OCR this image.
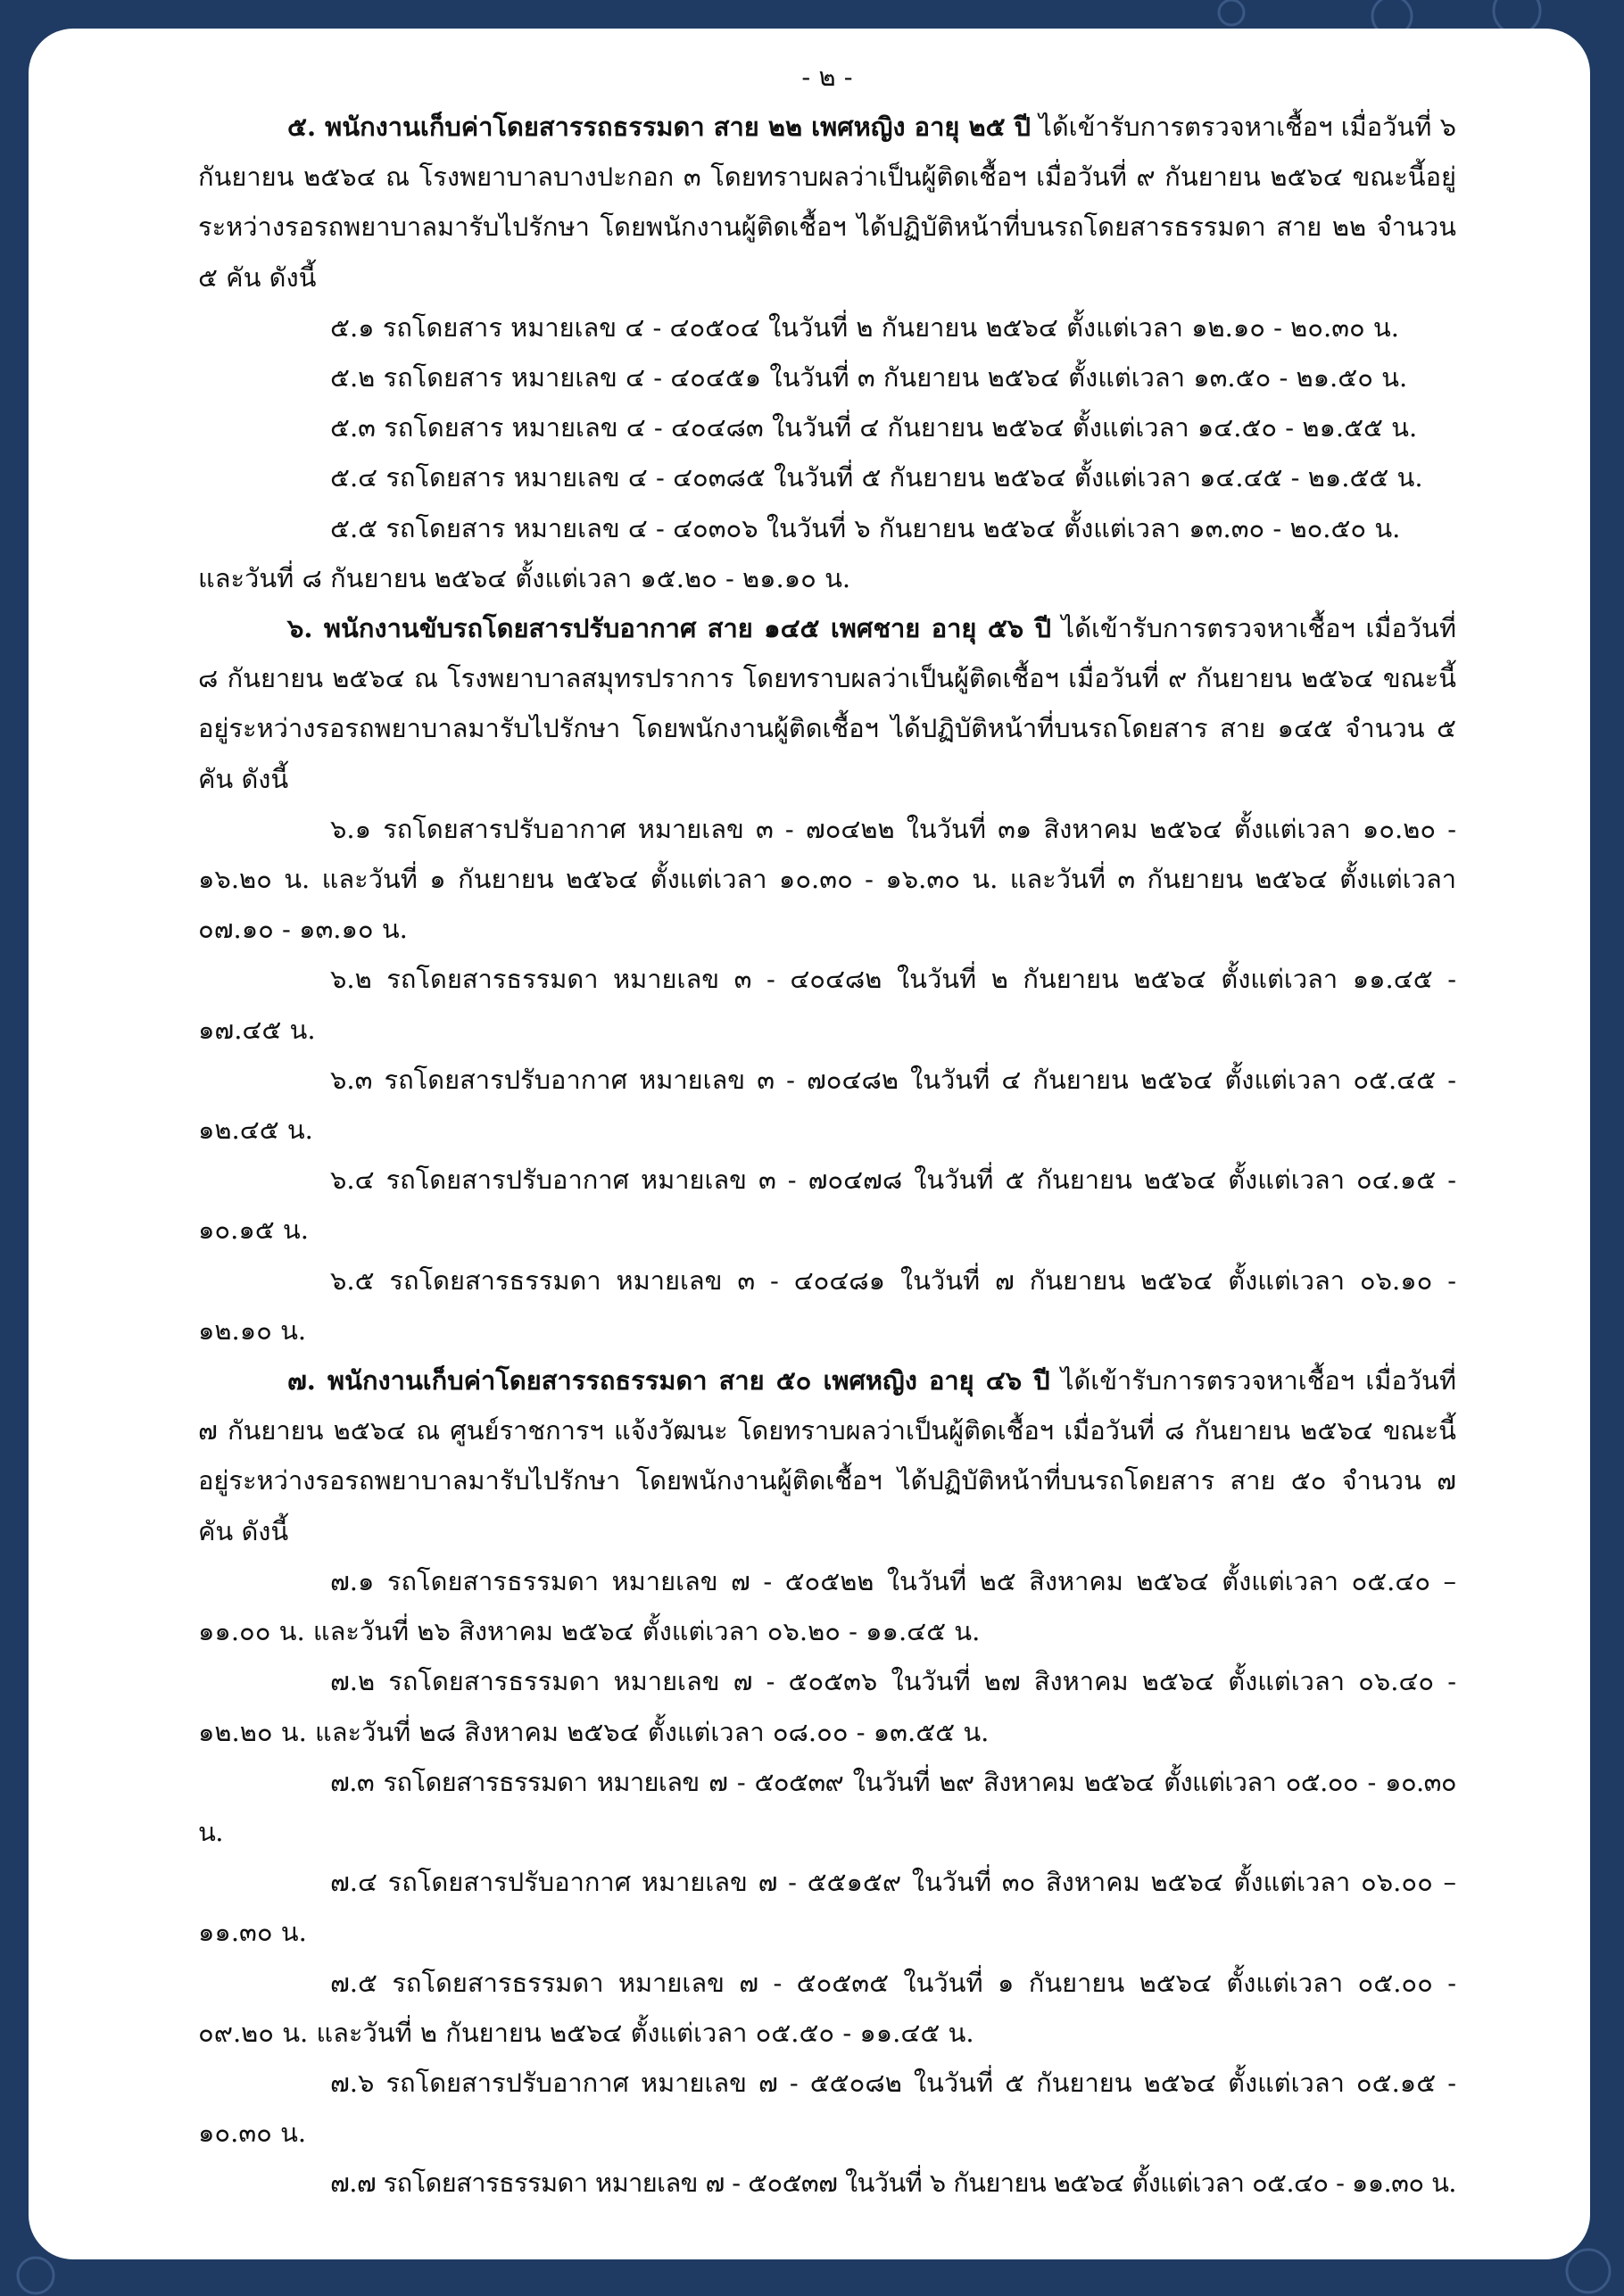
- ๒ -

๕. พนักงานเก็บค่าโดยสารรถธรรมดา สาย ๒๒ เพศหญิง อายุ ๒๕ ปี ได้เข้ารับการตรวจหาเชื้อฯ เมื่อวันที่ ๖ กันยายน ๒๕๖๔ ณ โรงพยาบาลบางปะกอก ๓ โดยทราบผลว่าเป็นผู้ติดเชื้อฯ เมื่อวันที่ ๙ กันยายน ๒๕๖๔ ขณะนี้อยู่ระหว่างรอรถพยาบาลมารับไปรักษา โดยพนักงานผู้ติดเชื้อฯ ได้ปฏิบัติหน้าที่บนรถโดยสารธรรมดา สาย ๒๒ จำนวน ๕ คัน ดังนี้

๕.๑ รถโดยสาร หมายเลข ๔ - ๔๐๕๐๔ ในวันที่ ๒ กันยายน ๒๕๖๔ ตั้งแต่เวลา ๑๒.๑๐ - ๒๐.๓๐ น.

๕.๒ รถโดยสาร หมายเลข ๔ - ๔๐๔๕๑ ในวันที่ ๓ กันยายน ๒๕๖๔ ตั้งแต่เวลา ๑๓.๕๐ - ๒๑.๕๐ น.

๕.๓ รถโดยสาร หมายเลข ๔ - ๔๐๔๘๓ ในวันที่ ๔ กันยายน ๒๕๖๔ ตั้งแต่เวลา ๑๔.๕๐ - ๒๑.๕๕ น.

๕.๔ รถโดยสาร หมายเลข ๔ - ๔๐๓๘๕ ในวันที่ ๕ กันยายน ๒๕๖๔ ตั้งแต่เวลา ๑๔.๔๕ - ๒๑.๕๕ น.

๕.๕ รถโดยสาร หมายเลข ๔ - ๔๐๓๐๖ ในวันที่ ๖ กันยายน ๒๕๖๔ ตั้งแต่เวลา ๑๓.๓๐ - ๒๐.๕๐ น.

และวันที่ ๘ กันยายน ๒๕๖๔ ตั้งแต่เวลา ๑๕.๒๐ - ๒๑.๑๐ น.

๖. พนักงานขับรถโดยสารปรับอากาศ สาย ๑๔๕ เพศชาย อายุ ๕๖ ปี ได้เข้ารับการตรวจหาเชื้อฯ เมื่อวันที่ ๘ กันยายน ๒๕๖๔ ณ โรงพยาบาลสมุทรปราการ โดยทราบผลว่าเป็นผู้ติดเชื้อฯ เมื่อวันที่ ๙ กันยายน ๒๕๖๔ ขณะนี้อยู่ระหว่างรอรถพยาบาลมารับไปรักษา โดยพนักงานผู้ติดเชื้อฯ ได้ปฏิบัติหน้าที่บนรถโดยสาร สาย ๑๔๕ จำนวน ๕ คัน ดังนี้

๖.๑ รถโดยสารปรับอากาศ หมายเลข ๓ - ๗๐๔๒๒ ในวันที่ ๓๑ สิงหาคม ๒๕๖๔ ตั้งแต่เวลา ๑๐.๒๐ - ๑๖.๒๐ น. และวันที่ ๑ กันยายน ๒๕๖๔ ตั้งแต่เวลา ๑๐.๓๐ - ๑๖.๓๐ น. และวันที่ ๓ กันยายน ๒๕๖๔ ตั้งแต่เวลา ๐๗.๑๐ - ๑๓.๑๐ น.

๖.๒ รถโดยสารธรรมดา หมายเลข ๓ - ๔๐๔๘๒ ในวันที่ ๒ กันยายน ๒๕๖๔ ตั้งแต่เวลา ๑๑.๔๕ - ๑๗.๔๕ น.

๖.๓ รถโดยสารปรับอากาศ หมายเลข ๓ - ๗๐๔๘๒ ในวันที่ ๔ กันยายน ๒๕๖๔ ตั้งแต่เวลา ๐๕.๔๕ - ๑๒.๔๕ น.

๖.๔ รถโดยสารปรับอากาศ หมายเลข ๓ - ๗๐๔๗๘ ในวันที่ ๕ กันยายน ๒๕๖๔ ตั้งแต่เวลา ๐๔.๑๕ - ๑๐.๑๕ น.

๖.๕ รถโดยสารธรรมดา หมายเลข ๓ - ๔๐๔๘๑ ในวันที่ ๗ กันยายน ๒๕๖๔ ตั้งแต่เวลา ๐๖.๑๐ - ๑๒.๑๐ น.

๗. พนักงานเก็บค่าโดยสารรถธรรมดา สาย ๕๐ เพศหญิง อายุ ๔๖ ปี ได้เข้ารับการตรวจหาเชื้อฯ เมื่อวันที่ ๗ กันยายน ๒๕๖๔ ณ ศูนย์ราชการฯ แจ้งวัฒนะ โดยทราบผลว่าเป็นผู้ติดเชื้อฯ เมื่อวันที่ ๘ กันยายน ๒๕๖๔ ขณะนี้อยู่ระหว่างรอรถพยาบาลมารับไปรักษา โดยพนักงานผู้ติดเชื้อฯ ได้ปฏิบัติหน้าที่บนรถโดยสาร สาย ๕๐ จำนวน ๗ คัน ดังนี้

๗.๑ รถโดยสารธรรมดา หมายเลข ๗ - ๕๐๕๒๒ ในวันที่ ๒๕ สิงหาคม ๒๕๖๔ ตั้งแต่เวลา ๐๕.๔๐ – ๑๑.๐๐ น. และวันที่ ๒๖ สิงหาคม ๒๕๖๔ ตั้งแต่เวลา ๐๖.๒๐ - ๑๑.๔๕ น.

๗.๒ รถโดยสารธรรมดา หมายเลข ๗ - ๕๐๕๓๖ ในวันที่ ๒๗ สิงหาคม ๒๕๖๔ ตั้งแต่เวลา ๐๖.๔๐ - ๑๒.๒๐ น. และวันที่ ๒๘ สิงหาคม ๒๕๖๔ ตั้งแต่เวลา ๐๘.๐๐ - ๑๓.๕๕ น.

๗.๓ รถโดยสารธรรมดา หมายเลข ๗ - ๕๐๕๓๙ ในวันที่ ๒๙ สิงหาคม ๒๕๖๔ ตั้งแต่เวลา ๐๕.๐๐ - ๑๐.๓๐ น.

๗.๔ รถโดยสารปรับอากาศ หมายเลข ๗ - ๕๕๑๕๙ ในวันที่ ๓๐ สิงหาคม ๒๕๖๔ ตั้งแต่เวลา ๐๖.๐๐ – ๑๑.๓๐ น.

๗.๕ รถโดยสารธรรมดา หมายเลข ๗ - ๕๐๕๓๕ ในวันที่ ๑ กันยายน ๒๕๖๔ ตั้งแต่เวลา ๐๕.๐๐ - ๐๙.๒๐ น. และวันที่ ๒ กันยายน ๒๕๖๔ ตั้งแต่เวลา ๐๕.๕๐ - ๑๑.๔๕ น.

๗.๖ รถโดยสารปรับอากาศ หมายเลข ๗ - ๕๕๐๘๒ ในวันที่ ๕ กันยายน ๒๕๖๔ ตั้งแต่เวลา ๐๕.๑๕ - ๑๐.๓๐ น.

๗.๗ รถโดยสารธรรมดา หมายเลข ๗ - ๕๐๕๓๗ ในวันที่ ๖ กันยายน ๒๕๖๔ ตั้งแต่เวลา ๐๕.๔๐ - ๑๑.๓๐ น.
